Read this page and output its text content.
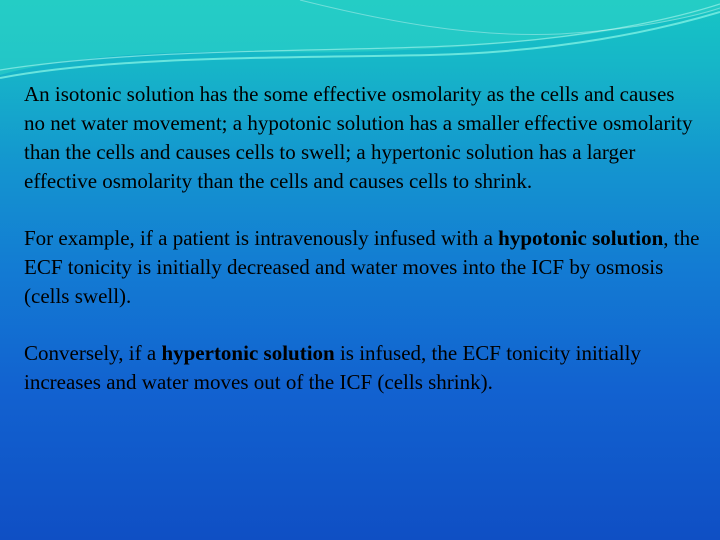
An isotonic solution has the some effective osmolarity as the cells and causes no net water movement; a hypotonic solution has a smaller effective osmolarity than the cells and causes cells to swell; a hypertonic solution has a larger effective osmolarity than the cells and causes cells to shrink.

For example, if a patient is intravenously infused with a hypotonic solution, the ECF tonicity is initially decreased and water moves into the ICF by osmosis (cells swell).

Conversely, if a hypertonic solution is infused, the ECF tonicity initially increases and water moves out of the ICF (cells shrink).
